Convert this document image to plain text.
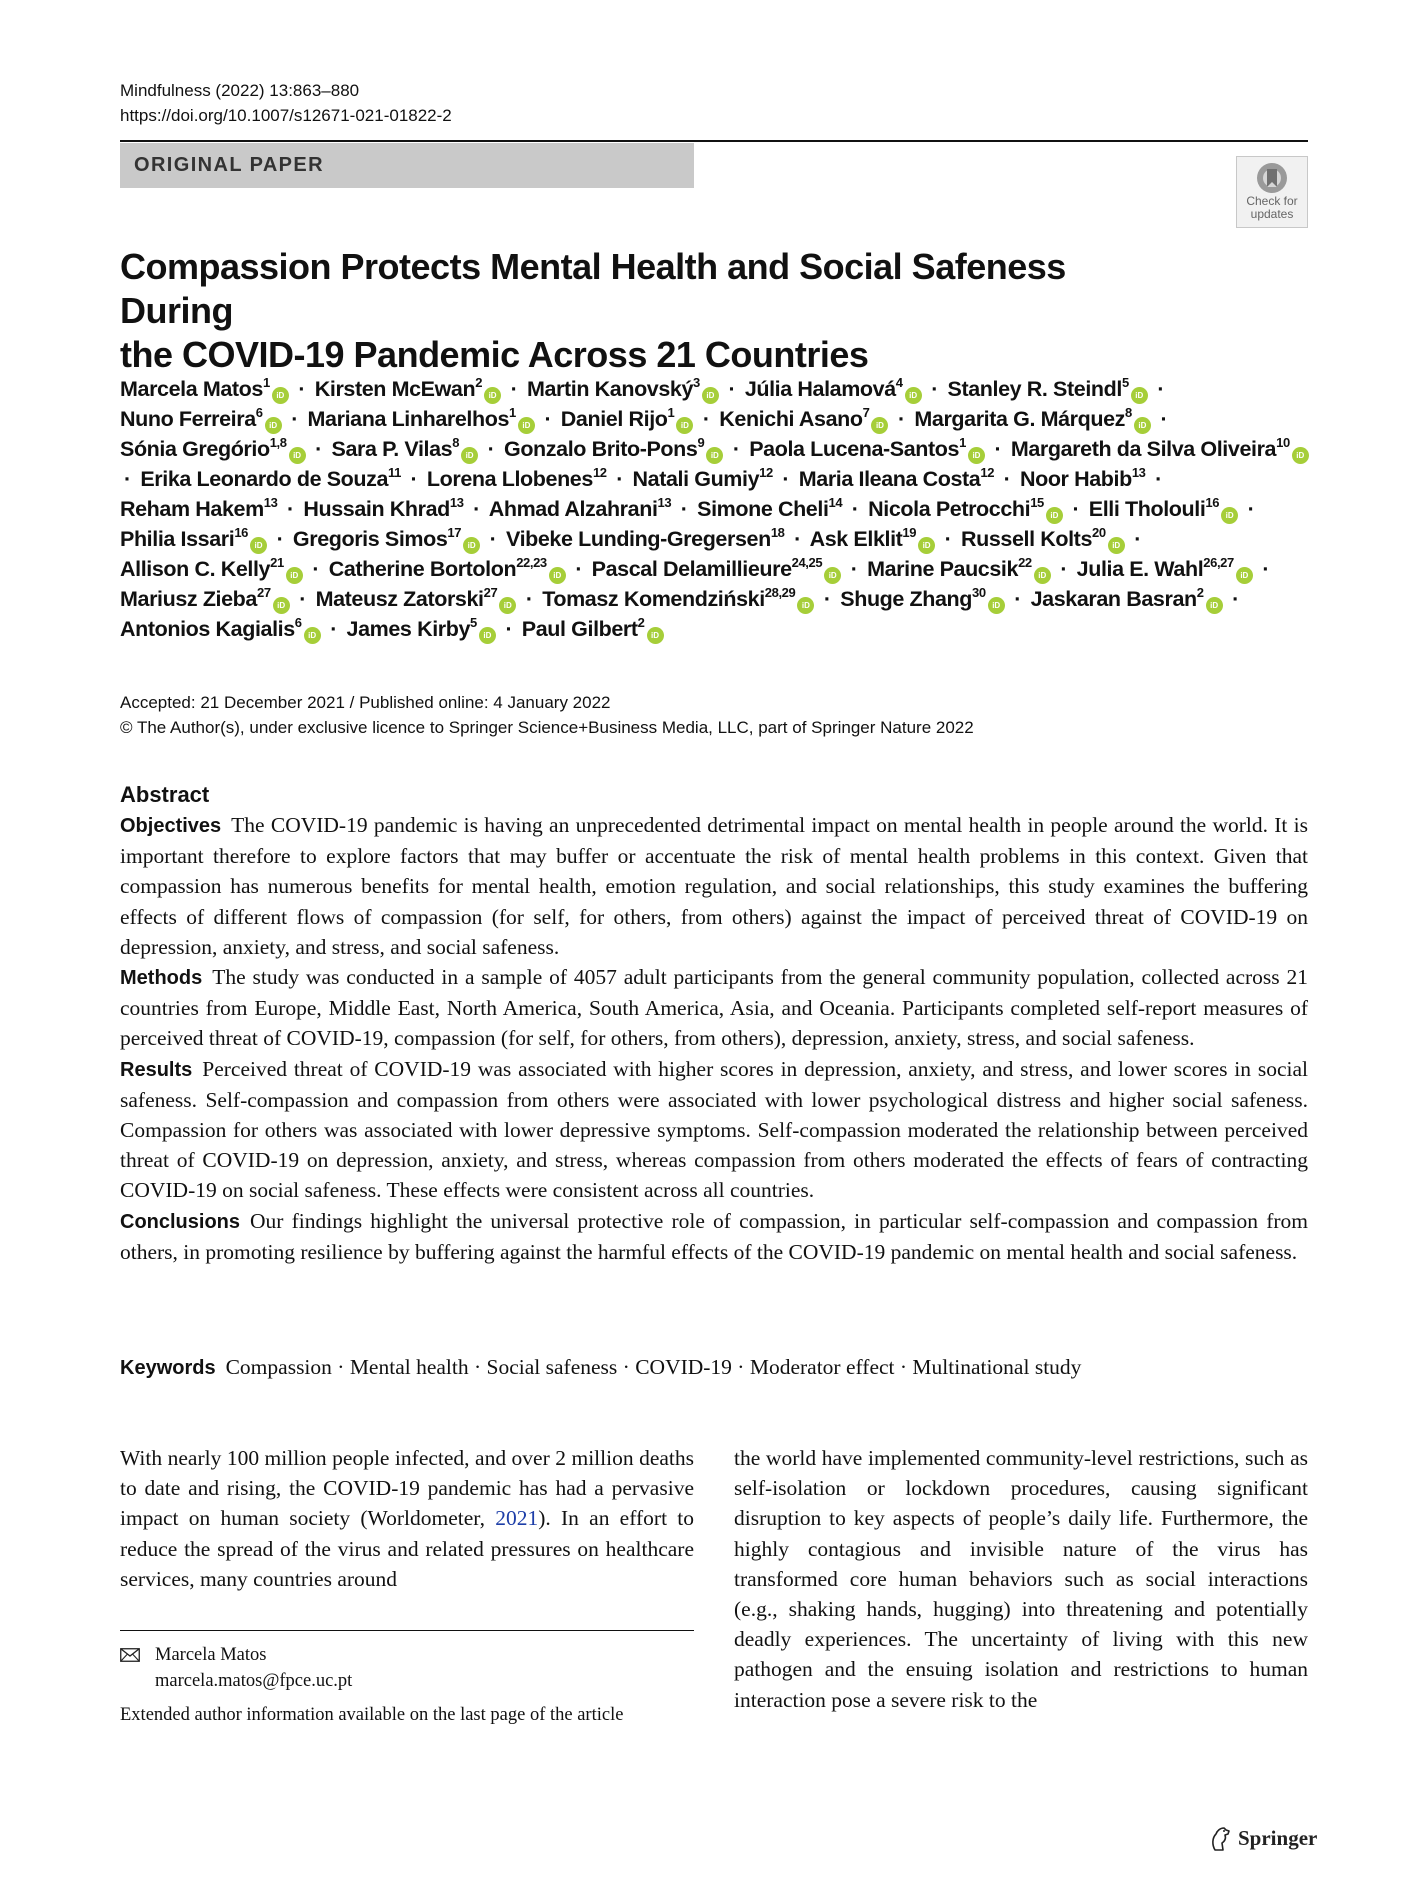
Mindfulness (2022) 13:863–880
https://doi.org/10.1007/s12671-021-01822-2
ORIGINAL PAPER
Check for updates
Compassion Protects Mental Health and Social Safeness During
the COVID-19 Pandemic Across 21 Countries
Marcela Matos$^1$iD · Kirsten McEwan$^2$iD · Martin Kanovský$^3$iD · Júlia Halamová$^4$iD · Stanley R. Steindl$^5$iD · Nuno Ferreira$^6$iD · Mariana Linharelhos$^1$iD · Daniel Rijo$^1$iD · Kenichi Asano$^7$iD · Margarita G. Márquez$^8$iD · Sónia Gregório$^{1,8}$iD · Sara P. Vilas$^8$iD · Gonzalo Brito-Pons$^9$iD · Paola Lucena-Santos$^1$iD · Margareth da Silva Oliveira$^{10}$iD · Erika Leonardo de Souza$^{11}$ · Lorena Llobenes$^{12}$ · Natali Gumiy$^{12}$ · Maria Ileana Costa$^{12}$ · Noor Habib$^{13}$ · Reham Hakem$^{13}$ · Hussain Khrad$^{13}$ · Ahmad Alzahrani$^{13}$ · Simone Cheli$^{14}$ · Nicola Petrocchi$^{15}$iD · Elli Tholouli$^{16}$iD · Philia Issari$^{16}$iD · Gregoris Simos$^{17}$iD · Vibeke Lunding-Gregersen$^{18}$ · Ask Elklit$^{19}$iD · Russell Kolts$^{20}$iD · Allison C. Kelly$^{21}$iD · Catherine Bortolon$^{22,23}$iD · Pascal Delamillieure$^{24,25}$iD · Marine Paucsik$^{22}$iD · Julia E. Wahl$^{26,27}$iD · Mariusz Zieba$^{27}$iD · Mateusz Zatorski$^{27}$iD · Tomasz Komendziński$^{28,29}$iD · Shuge Zhang$^{30}$iD · Jaskaran Basran$^2$iD · Antonios Kagialis$^6$iD · James Kirby$^5$iD · Paul Gilbert$^2$iD
Accepted: 21 December 2021 / Published online: 4 January 2022
© The Author(s), under exclusive licence to Springer Science+Business Media, LLC, part of Springer Nature 2022
Abstract

Objectives The COVID-19 pandemic is having an unprecedented detrimental impact on mental health in people around the world. It is important therefore to explore factors that may buffer or accentuate the risk of mental health problems in this context. Given that compassion has numerous benefits for mental health, emotion regulation, and social relationships, this study examines the buffering effects of different flows of compassion (for self, for others, from others) against the impact of perceived threat of COVID-19 on depression, anxiety, and stress, and social safeness.

Methods The study was conducted in a sample of 4057 adult participants from the general community population, collected across 21 countries from Europe, Middle East, North America, South America, Asia, and Oceania. Participants completed self-report measures of perceived threat of COVID-19, compassion (for self, for others, from others), depression, anxiety, stress, and social safeness.

Results Perceived threat of COVID-19 was associated with higher scores in depression, anxiety, and stress, and lower scores in social safeness. Self-compassion and compassion from others were associated with lower psychological distress and higher social safeness. Compassion for others was associated with lower depressive symptoms. Self-compassion moderated the relationship between perceived threat of COVID-19 on depression, anxiety, and stress, whereas compassion from others moderated the effects of fears of contracting COVID-19 on social safeness. These effects were consistent across all countries.

Conclusions Our findings highlight the universal protective role of compassion, in particular self-compassion and compassion from others, in promoting resilience by buffering against the harmful effects of the COVID-19 pandemic on mental health and social safeness.

Keywords Compassion · Mental health · Social safeness · COVID-19 · Moderator effect · Multinational study

With nearly 100 million people infected, and over 2 million deaths to date and rising, the COVID-19 pandemic has had a pervasive impact on human society (Worldometer, 2021). In an effort to reduce the spread of the virus and related pressures on healthcare services, many countries around

the world have implemented community-level restrictions, such as self-isolation or lockdown procedures, causing significant disruption to key aspects of people’s daily life. Furthermore, the highly contagious and invisible nature of the virus has transformed core human behaviors such as social interactions (e.g., shaking hands, hugging) into threatening and potentially deadly experiences. The uncertainty of living with this new pathogen and the ensuing isolation and restrictions to human interaction pose a severe risk to the

Marcela Matos
marcela.matos@fpce.uc.pt
Extended author information available on the last page of the article
Springer
